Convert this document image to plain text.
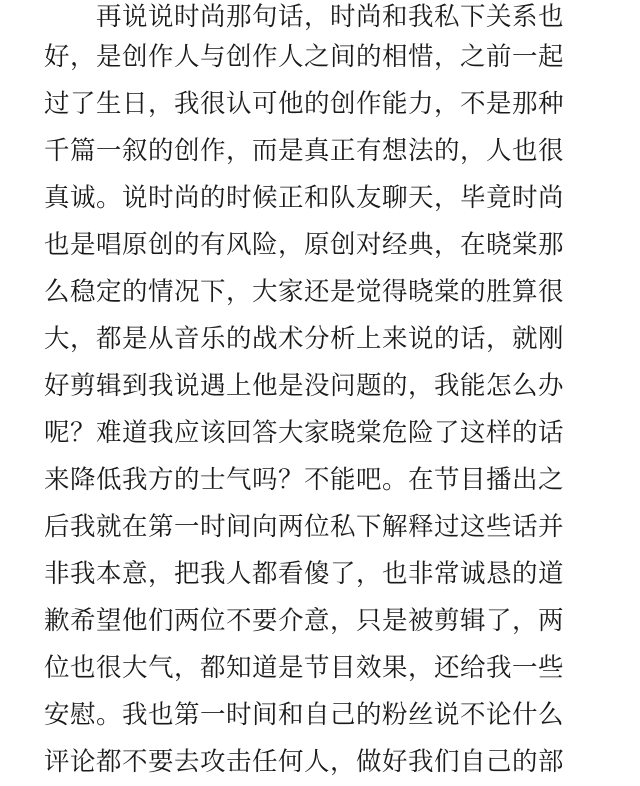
再说说时尚那句话，时尚和我私下关系也
好，是创作人与创作人之间的相惜，之前一起
过了生日，我很认可他的创作能力，不是那种
千篇一叙的创作，而是真正有想法的，人也很
真诚。说时尚的时候正和队友聊天，毕竟时尚
也是唱原创的有风险，原创对经典，在晓棠那
么稳定的情况下，大家还是觉得晓棠的胜算很
大，都是从音乐的战术分析上来说的话，就刚
好剪辑到我说遇上他是没问题的，我能怎么办
呢？难道我应该回答大家晓棠危险了这样的话
来降低我方的士气吗？不能吧。在节目播出之
后我就在第一时间向两位私下解释过这些话并
非我本意，把我人都看傻了，也非常诚恳的道
歉希望他们两位不要介意，只是被剪辑了，两
位也很大气，都知道是节目效果，还给我一些
安慰。我也第一时间和自己的粉丝说不论什么
评论都不要去攻击任何人，做好我们自己的部
